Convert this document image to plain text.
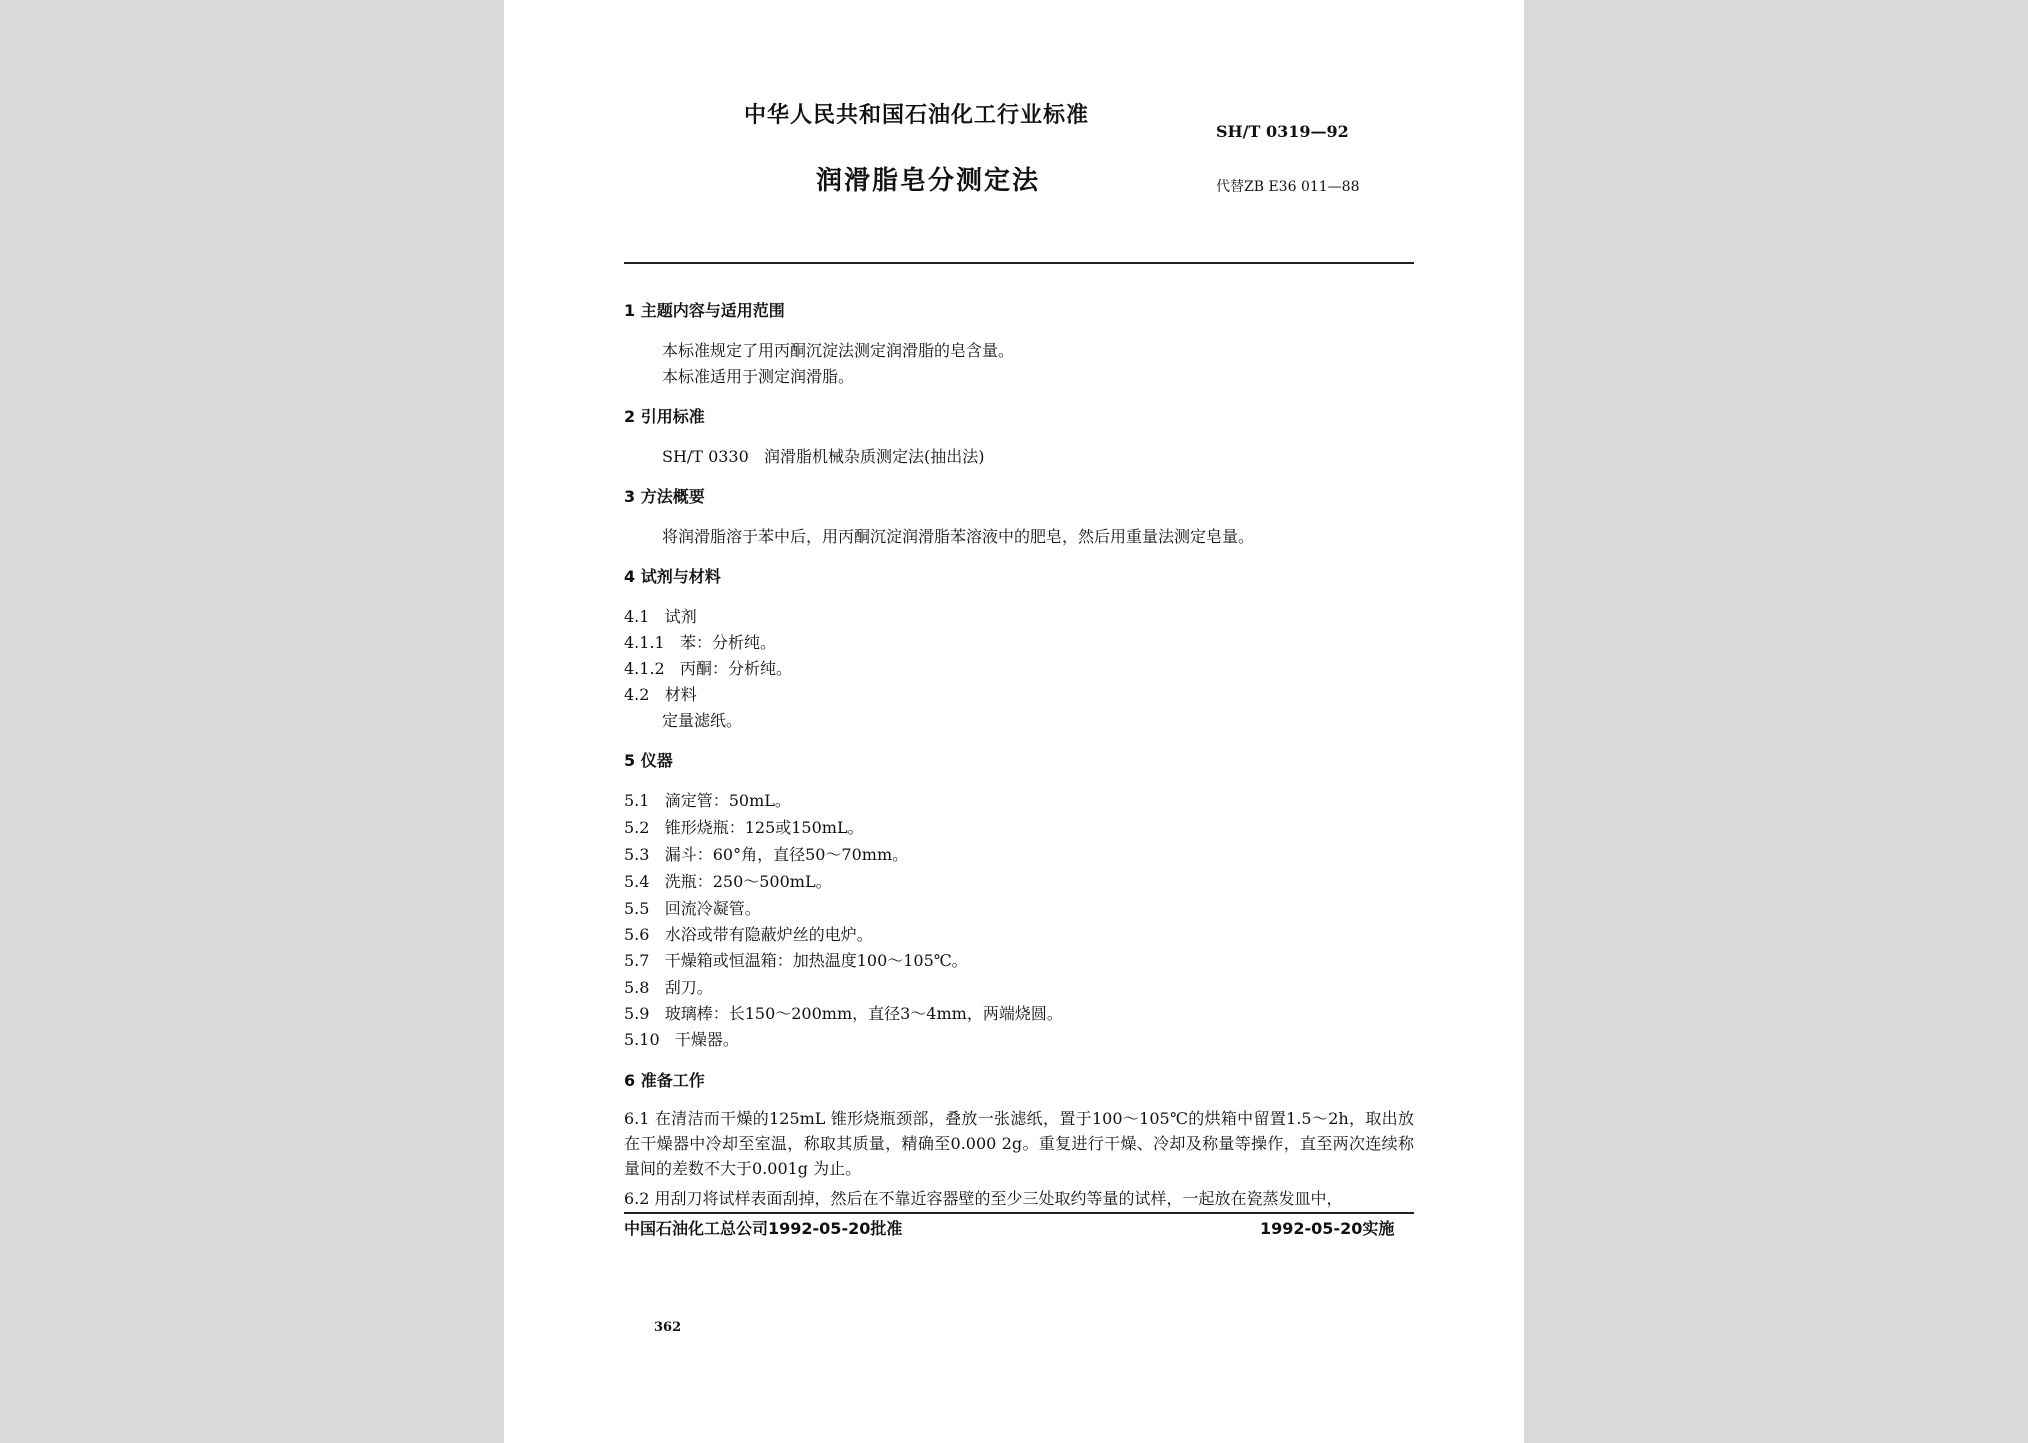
中华人民共和国石油化工行业标准
SH/T 0319—92
润滑脂皂分测定法	代替ZB E36 011—88
1 主题内容与适用范围
本标准规定了用丙酮沉淀法测定润滑脂的皂含量。
本标准适用于测定润滑脂。
2 引用标准
SH/T 0330   润滑脂机械杂质测定法(抽出法)
3 方法概要
将润滑脂溶于苯中后，用丙酮沉淀润滑脂苯溶液中的肥皂，然后用重量法测定皂量。
4 试剂与材料
4.1   试剂
4.1.1   苯：分析纯。
4.1.2   丙酮：分析纯。
4.2   材料
定量滤纸。
5 仪器
5.1   滴定管：50mL。
5.2   锥形烧瓶：125或150mL。
5.3   漏斗：60°角，直径50～70mm。
5.4   洗瓶：250～500mL。
5.5   回流冷凝管。
5.6   水浴或带有隐蔽炉丝的电炉。
5.7   干燥箱或恒温箱：加热温度100～105℃。
5.8   刮刀。
5.9   玻璃棒：长150～200mm，直径3～4mm，两端烧圆。
5.10   干燥器。
6 准备工作
6.1 在清洁而干燥的125mL 锥形烧瓶颈部，叠放一张滤纸，置于100～105℃的烘箱中留置1.5～2h，取出放在干燥器中冷却至室温，称取其质量，精确至0.000 2g。重复进行干燥、冷却及称量等操作，直至两次连续称量间的差数不大于0.001g 为止。
6.2 用刮刀将试样表面刮掉，然后在不靠近容器壁的至少三处取约等量的试样，一起放在瓷蒸发皿中，
中国石油化工总公司1992-05-20批准	1992-05-20实施
362
